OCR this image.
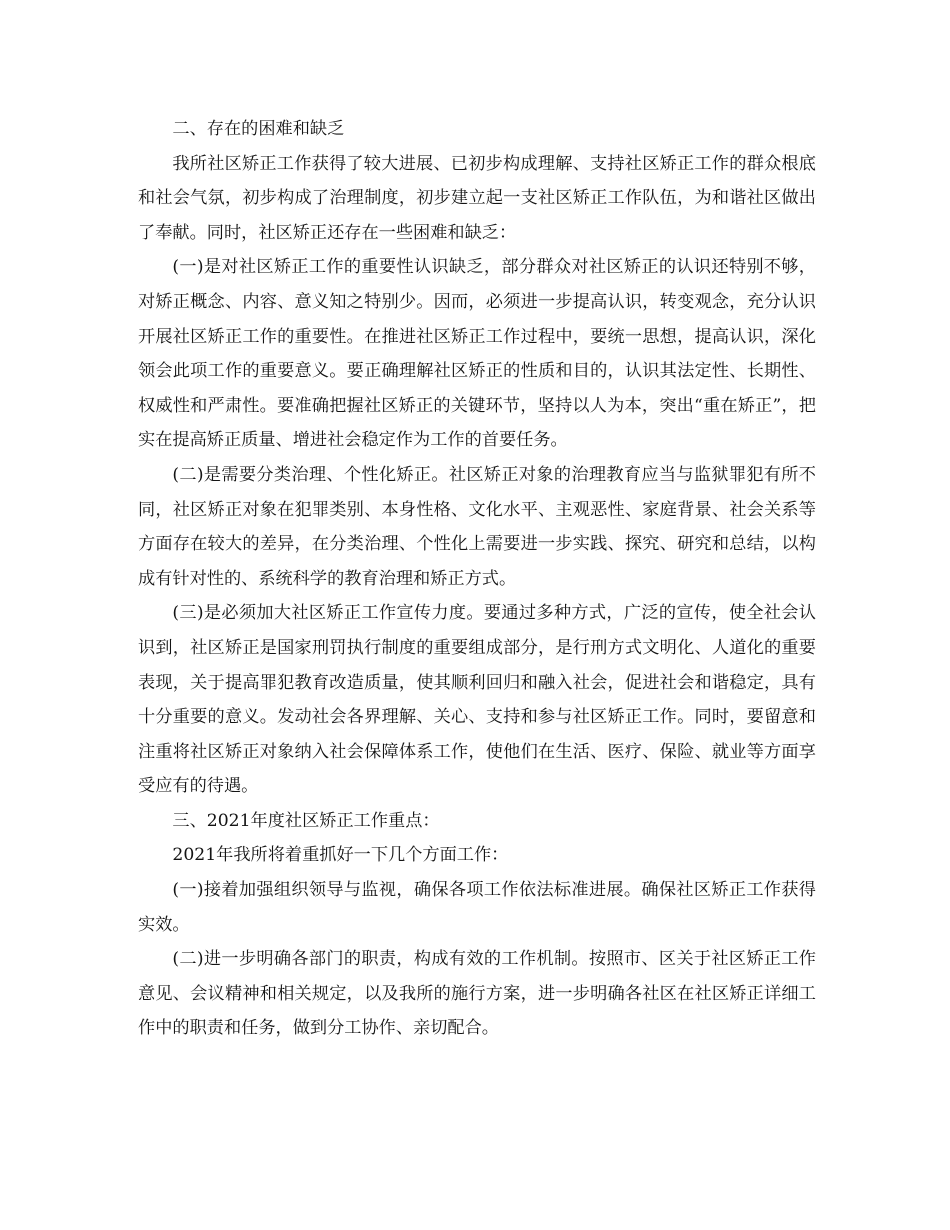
二、存在的困难和缺乏

我所社区矫正工作获得了较大进展、已初步构成理解、支持社区矫正工作的群众根底和社会气氛，初步构成了治理制度，初步建立起一支社区矫正工作队伍，为和谐社区做出了奉献。同时，社区矫正还存在一些困难和缺乏：

(一)是对社区矫正工作的重要性认识缺乏，部分群众对社区矫正的认识还特别不够，对矫正概念、内容、意义知之特别少。因而，必须进一步提高认识，转变观念，充分认识开展社区矫正工作的重要性。在推进社区矫正工作过程中，要统一思想，提高认识，深化领会此项工作的重要意义。要正确理解社区矫正的性质和目的，认识其法定性、长期性、权威性和严肃性。要准确把握社区矫正的关键环节，坚持以人为本，突出“重在矫正”，把实在提高矫正质量、增进社会稳定作为工作的首要任务。

(二)是需要分类治理、个性化矫正。社区矫正对象的治理教育应当与监狱罪犯有所不同，社区矫正对象在犯罪类别、本身性格、文化水平、主观恶性、家庭背景、社会关系等方面存在较大的差异，在分类治理、个性化上需要进一步实践、探究、研究和总结，以构成有针对性的、系统科学的教育治理和矫正方式。

(三)是必须加大社区矫正工作宣传力度。要通过多种方式，广泛的宣传，使全社会认识到，社区矫正是国家刑罚执行制度的重要组成部分，是行刑方式文明化、人道化的重要表现，关于提高罪犯教育改造质量，使其顺利回归和融入社会，促进社会和谐稳定，具有十分重要的意义。发动社会各界理解、关心、支持和参与社区矫正工作。同时，要留意和注重将社区矫正对象纳入社会保障体系工作，使他们在生活、医疗、保险、就业等方面享受应有的待遇。

三、2021年度社区矫正工作重点：

2021年我所将着重抓好一下几个方面工作：

(一)接着加强组织领导与监视，确保各项工作依法标准进展。确保社区矫正工作获得实效。

(二)进一步明确各部门的职责，构成有效的工作机制。按照市、区关于社区矫正工作意见、会议精神和相关规定，以及我所的施行方案，进一步明确各社区在社区矫正详细工作中的职责和任务，做到分工协作、亲切配合。
